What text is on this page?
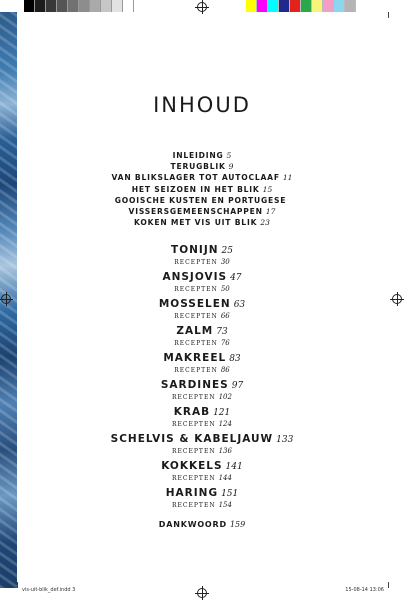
INHOUD
INLEIDING 5
TERUGBLIK 9
VAN BLIKSLAGER TOT AUTOCLAAF 11
HET SEIZOEN IN HET BLIK 15
GOOISCHE KUSTEN EN PORTUGESE
VISSERSGEMEENSCHAPPEN 17
KOKEN MET VIS UIT BLIK 23
TONIJN 25
RECEPTEN 30
ANSJOVIS 47
RECEPTEN 50
MOSSELEN 63
RECEPTEN 66
ZALM 73
RECEPTEN 76
MAKREEL 83
RECEPTEN 86
SARDINES 97
RECEPTEN 102
KRAB 121
RECEPTEN 124
SCHELVIS & KABELJAUW 133
RECEPTEN 136
KOKKELS 141
RECEPTEN 144
HARING 151
RECEPTEN 154
DANKWOORD 159
vis-uit-blik_def.indd 3	15-08-14 13:06
